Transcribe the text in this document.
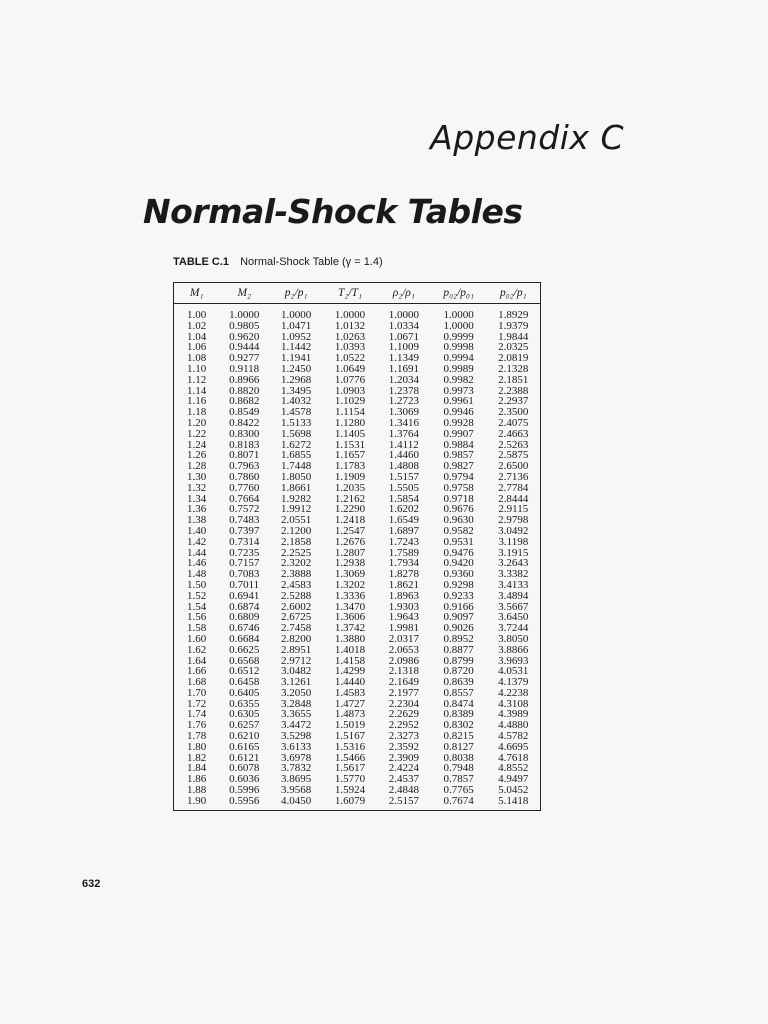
Appendix C
Normal-Shock Tables
TABLE C.1 Normal-Shock Table (γ = 1.4)
M₁	M₂	p₂/p₁	T₂/T₁	ρ₂/ρ₁	p₀₂/p₀₁	p₀₂/p₁
1.00	1.0000	1.0000	1.0000	1.0000	1.0000	1.8929
1.02	0.9805	1.0471	1.0132	1.0334	1.0000	1.9379
1.04	0.9620	1.0952	1.0263	1.0671	0.9999	1.9844
1.06	0.9444	1.1442	1.0393	1.1009	0.9998	2.0325
1.08	0.9277	1.1941	1.0522	1.1349	0.9994	2.0819
1.10	0.9118	1.2450	1.0649	1.1691	0.9989	2.1328
1.12	0.8966	1.2968	1.0776	1.2034	0.9982	2.1851
1.14	0.8820	1.3495	1.0903	1.2378	0.9973	2.2388
1.16	0.8682	1.4032	1.1029	1.2723	0.9961	2.2937
1.18	0.8549	1.4578	1.1154	1.3069	0.9946	2.3500
1.20	0.8422	1.5133	1.1280	1.3416	0.9928	2.4075
1.22	0.8300	1.5698	1.1405	1.3764	0.9907	2.4663
1.24	0.8183	1.6272	1.1531	1.4112	0.9884	2.5263
1.26	0.8071	1.6855	1.1657	1.4460	0.9857	2.5875
1.28	0.7963	1.7448	1.1783	1.4808	0.9827	2.6500
1.30	0.7860	1.8050	1.1909	1.5157	0.9794	2.7136
1.32	0.7760	1.8661	1.2035	1.5505	0.9758	2.7784
1.34	0.7664	1.9282	1.2162	1.5854	0.9718	2.8444
1.36	0.7572	1.9912	1.2290	1.6202	0.9676	2.9115
1.38	0.7483	2.0551	1.2418	1.6549	0.9630	2.9798
1.40	0.7397	2.1200	1.2547	1.6897	0.9582	3.0492
1.42	0.7314	2.1858	1.2676	1.7243	0.9531	3.1198
1.44	0.7235	2.2525	1.2807	1.7589	0.9476	3.1915
1.46	0.7157	2.3202	1.2938	1.7934	0.9420	3.2643
1.48	0.7083	2.3888	1.3069	1.8278	0.9360	3.3382
1.50	0.7011	2.4583	1.3202	1.8621	0.9298	3.4133
1.52	0.6941	2.5288	1.3336	1.8963	0.9233	3.4894
1.54	0.6874	2.6002	1.3470	1.9303	0.9166	3.5667
1.56	0.6809	2.6725	1.3606	1.9643	0.9097	3.6450
1.58	0.6746	2.7458	1.3742	1.9981	0.9026	3.7244
1.60	0.6684	2.8200	1.3880	2.0317	0.8952	3.8050
1.62	0.6625	2.8951	1.4018	2.0653	0.8877	3.8866
1.64	0.6568	2.9712	1.4158	2.0986	0.8799	3.9693
1.66	0.6512	3.0482	1.4299	2.1318	0.8720	4.0531
1.68	0.6458	3.1261	1.4440	2.1649	0.8639	4.1379
1.70	0.6405	3.2050	1.4583	2.1977	0.8557	4.2238
1.72	0.6355	3.2848	1.4727	2.2304	0.8474	4.3108
1.74	0.6305	3.3655	1.4873	2.2629	0.8389	4.3989
1.76	0.6257	3.4472	1.5019	2.2952	0.8302	4.4880
1.78	0.6210	3.5298	1.5167	2.3273	0.8215	4.5782
1.80	0.6165	3.6133	1.5316	2.3592	0.8127	4.6695
1.82	0.6121	3.6978	1.5466	2.3909	0.8038	4.7618
1.84	0.6078	3.7832	1.5617	2.4224	0.7948	4.8552
1.86	0.6036	3.8695	1.5770	2.4537	0.7857	4.9497
1.88	0.5996	3.9568	1.5924	2.4848	0.7765	5.0452
1.90	0.5956	4.0450	1.6079	2.5157	0.7674	5.1418
632
